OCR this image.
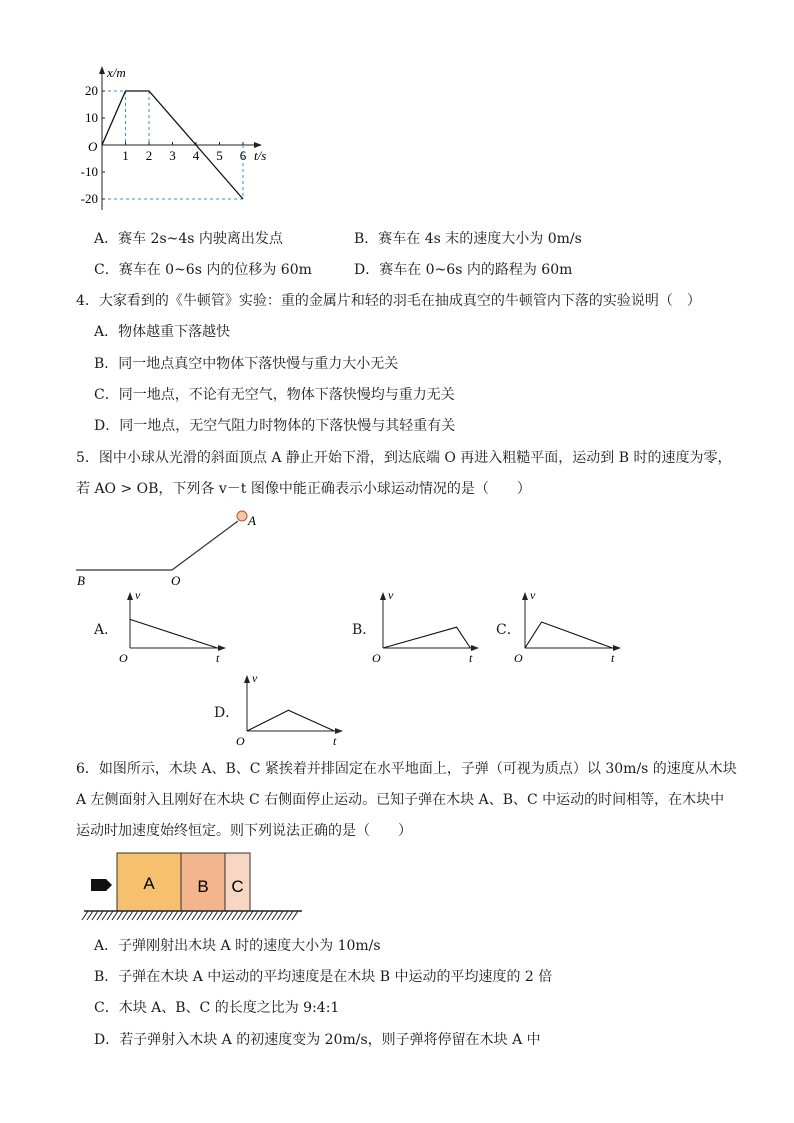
x/m
t/s
O
1 2 3 4 5 6
20
10
-10
-20
A．赛车 2s~4s 内驶离出发点	B．赛车在 4s 末的速度大小为 0m/s
C．赛车在 0~6s 内的位移为 60m	D．赛车在 0~6s 内的路程为 60m
4．大家看到的《牛顿管》实验：重的金属片和轻的羽毛在抽成真空的牛顿管内下落的实验说明（　）
A．物体越重下落越快
B．同一地点真空中物体下落快慢与重力大小无关
C．同一地点，不论有无空气，物体下落快慢均与重力无关
D．同一地点，无空气阻力时物体的下落快慢与其轻重有关
5．图中小球从光滑的斜面顶点 A 静止开始下滑，到达底端 O 再进入粗糙平面，运动到 B 时的速度为零，
若 AO > OB，下列各 v－t 图像中能正确表示小球运动情况的是（　　）
A
B	O
A．	B．	C．
D．
v
t
O
v
t
O
v
t
O
v
t
O
6．如图所示，木块 A、B、C 紧挨着并排固定在水平地面上，子弹（可视为质点）以 30m/s 的速度从木块
A 左侧面射入且刚好在木块 C 右侧面停止运动。已知子弹在木块 A、B、C 中运动的时间相等，在木块中
运动时加速度始终恒定。则下列说法正确的是（　　）
A	B C
A．子弹刚射出木块 A 时的速度大小为 10m/s
B．子弹在木块 A 中运动的平均速度是在木块 B 中运动的平均速度的 2 倍
C．木块 A、B、C 的长度之比为 9:4:1
D．若子弹射入木块 A 的初速度变为 20m/s，则子弹将停留在木块 A 中
